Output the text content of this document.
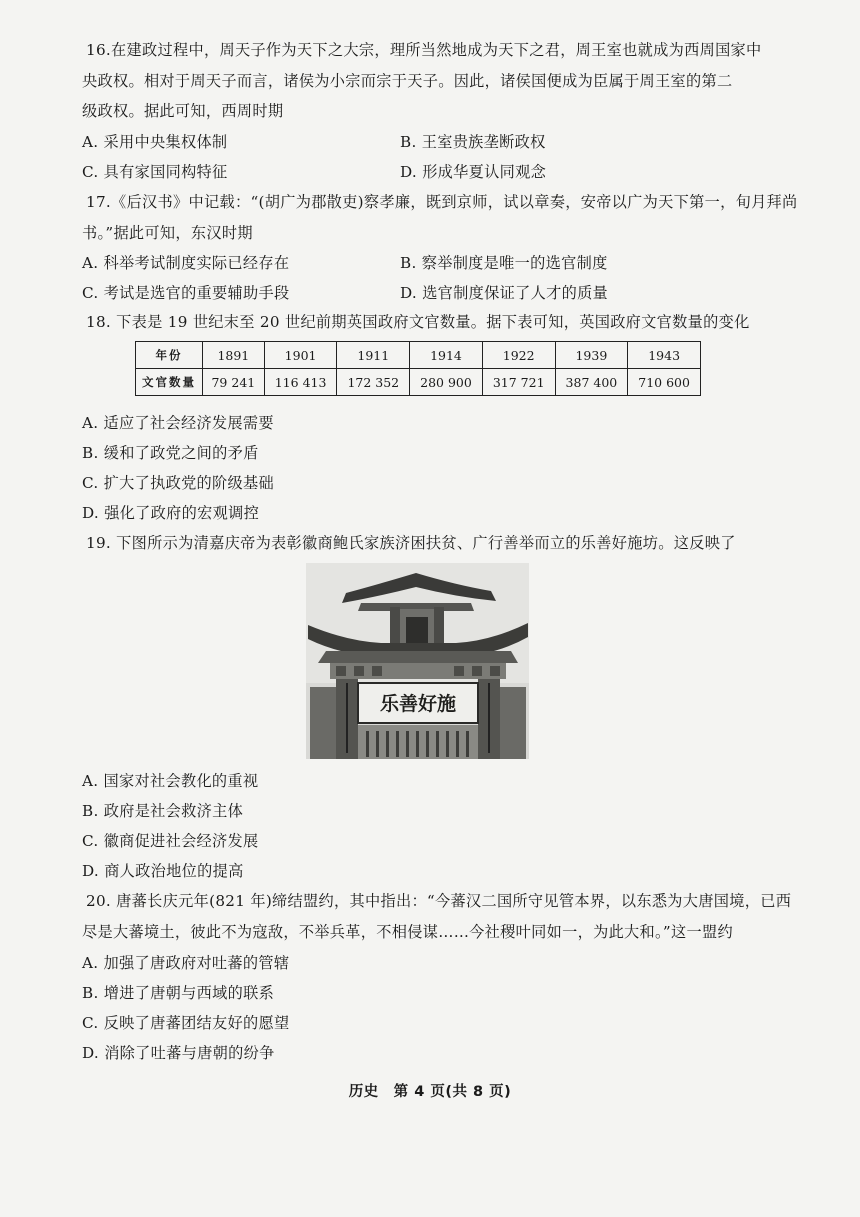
16.在建政过程中，周天子作为天下之大宗，理所当然地成为天下之君，周王室也就成为西周国家中
央政权。相对于周天子而言，诸侯为小宗而宗于天子。因此，诸侯国便成为臣属于周王室的第二
级政权。据此可知，西周时期
A. 采用中央集权体制	B. 王室贵族垄断政权
C. 具有家国同构特征	D. 形成华夏认同观念
17.《后汉书》中记载：“(胡广为郡散吏)察孝廉，既到京师，试以章奏，安帝以广为天下第一，旬月拜尚
书。”据此可知，东汉时期
A. 科举考试制度实际已经存在	B. 察举制度是唯一的选官制度
C. 考试是选官的重要辅助手段	D. 选官制度保证了人才的质量
18. 下表是 19 世纪末至 20 世纪前期英国政府文官数量。据下表可知，英国政府文官数量的变化
年份	1891	1901	1911	1914	1922	1939	1943
文官数量	79 241	116 413	172 352	280 900	317 721	387 400	710 600
A. 适应了社会经济发展需要
B. 缓和了政党之间的矛盾
C. 扩大了执政党的阶级基础
D. 强化了政府的宏观调控
19. 下图所示为清嘉庆帝为表彰徽商鲍氏家族济困扶贫、广行善举而立的乐善好施坊。这反映了
乐善好施
A. 国家对社会教化的重视
B. 政府是社会救济主体
C. 徽商促进社会经济发展
D. 商人政治地位的提高
20. 唐蕃长庆元年(821 年)缔结盟约，其中指出：“今蕃汉二国所守见管本界，以东悉为大唐国境，已西
尽是大蕃境土，彼此不为寇敌，不举兵革，不相侵谋……今社稷叶同如一，为此大和。”这一盟约
A. 加强了唐政府对吐蕃的管辖
B. 增进了唐朝与西域的联系
C. 反映了唐蕃团结友好的愿望
D. 消除了吐蕃与唐朝的纷争
历史　第 4 页(共 8 页)
